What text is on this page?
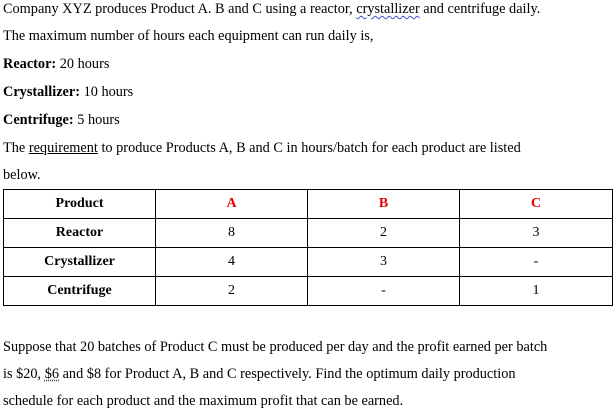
Company XYZ produces Product A. B and C using a reactor, crystallizer and centrifuge daily.
The maximum number of hours each equipment can run daily is,
Reactor: 20 hours
Crystallizer: 10 hours
Centrifuge: 5 hours
The requirement to produce Products A, B and C in hours/batch for each product are listed
below.
Product	A	B	C
Reactor	8	2	3
Crystallizer	4	3	-
Centrifuge	2	-	1
Suppose that 20 batches of Product C must be produced per day and the profit earned per batch
is $20, $6 and $8 for Product A, B and C respectively. Find the optimum daily production
schedule for each product and the maximum profit that can be earned.
